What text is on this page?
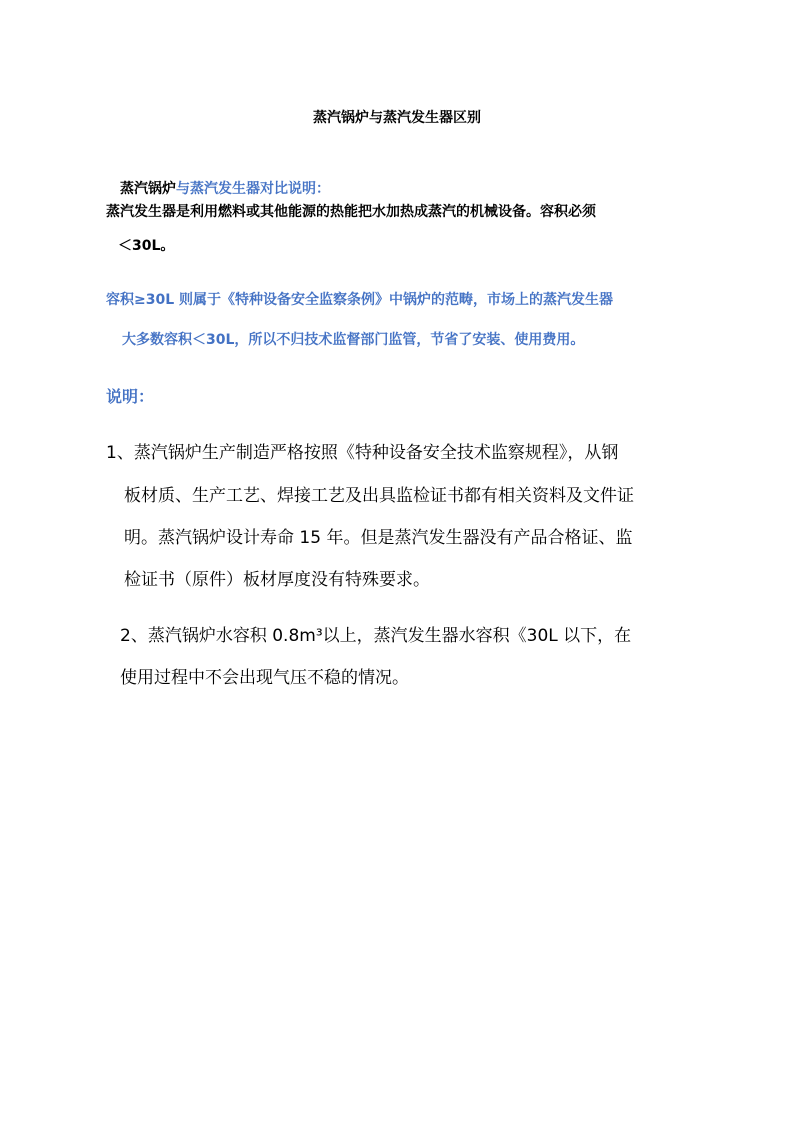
蒸汽锅炉与蒸汽发生器区别
蒸汽锅炉与蒸汽发生器对比说明：
蒸汽发生器是利用燃料或其他能源的热能把水加热成蒸汽的机械设备。容积必须
＜30L。
容积≥30L 则属于《特种设备安全监察条例》中锅炉的范畴，市场上的蒸汽发生器
大多数容积＜30L，所以不归技术监督部门监管，节省了安装、使用费用。
说明：
1、蒸汽锅炉生产制造严格按照《特种设备安全技术监察规程》，从钢
板材质、生产工艺、焊接工艺及出具监检证书都有相关资料及文件证
明。蒸汽锅炉设计寿命 15 年。但是蒸汽发生器没有产品合格证、监
检证书（原件）板材厚度没有特殊要求。
2、蒸汽锅炉水容积 0.8m³以上，蒸汽发生器水容积《30L 以下，在
使用过程中不会出现气压不稳的情况。
